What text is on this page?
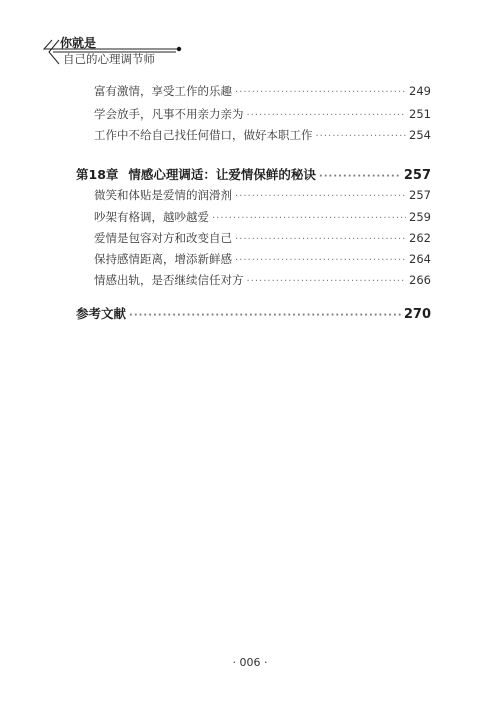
你就是
自己的心理调节师
富有激情，享受工作的乐趣 ·····	249
学会放手，凡事不用亲力亲为 ·····	251
工作中不给自己找任何借口，做好本职工作 ·····	254
第18章 情感心理调适：让爱情保鲜的秘诀 ·····	257
微笑和体贴是爱情的润滑剂 ·····	257
吵架有格调，越吵越爱 ·····	259
爱情是包容对方和改变自己 ·····	262
保持感情距离，增添新鲜感 ·····	264
情感出轨，是否继续信任对方 ·····	266
参考文献 ·····	270
· 006 ·
